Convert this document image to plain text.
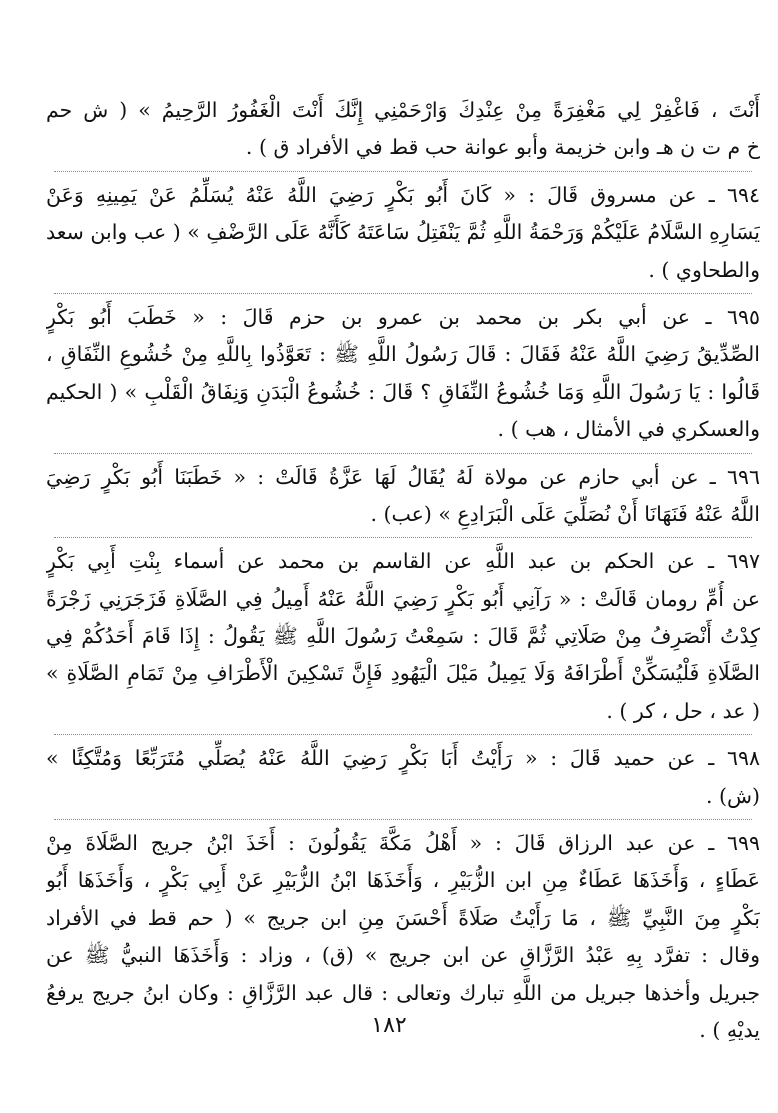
أَنْتَ ، فَاغْفِرْ لِي مَغْفِرَةً مِنْ عِنْدِكَ وَارْحَمْنِي إِنَّكَ أَنْتَ الْغَفُورُ الرَّحِيمُ » ( ش حم
خ م ت ن هـ وابن خزيمة وأبو عوانة حب قط في الأفراد ق ) .
٦٩٤ ـ عن مسروق قَالَ : « كَانَ أَبُو بَكْرٍ رَضِيَ اللَّهُ عَنْهُ يُسَلِّمُ عَنْ يَمِينِهِ وَعَنْ
يَسَارِهِ السَّلَامُ عَلَيْكُمْ وَرَحْمَةُ اللَّهِ ثُمَّ يَنْفَتِلُ سَاعَتَهُ كَأَنَّهُ عَلَى الرَّضْفِ » ( عب وابن سعد
والطحاوي ) .
٦٩٥ ـ عن أبي بكر بن محمد بن عمرو بن حزم قَالَ : « خَطَبَ أَبُو بَكْرٍ
الصِّدِّيقُ رَضِيَ اللَّهُ عَنْهُ فَقَالَ : قَالَ رَسُولُ اللَّهِ ﷺ : تَعَوَّذُوا بِاللَّهِ مِنْ خُشُوعِ النِّفَاقِ ،
قَالُوا : يَا رَسُولَ اللَّهِ وَمَا خُشُوعُ النِّفَاقِ ؟ قَالَ : خُشُوعُ الْبَدَنِ وَنِفَاقُ الْقَلْبِ » ( الحكيم
والعسكري في الأمثال ، هب ) .
٦٩٦ ـ عن أبي حازم عن مولاة لَهُ يُقَالُ لَهَا عَزَّةُ قَالَتْ : « خَطَبَنَا أَبُو بَكْرٍ رَضِيَ
اللَّهُ عَنْهُ فَنَهَانَا أَنْ نُصَلِّيَ عَلَى الْبَرَادِعِ » (عب) .
٦٩٧ ـ عن الحكم بن عبد اللَّهِ عن القاسم بن محمد عن أسماء بِنْتِ أَبِي بَكْرٍ
عن أُمِّ رومان قَالَتْ : « رَآنِي أَبُو بَكْرٍ رَضِيَ اللَّهُ عَنْهُ أَمِيلُ فِي الصَّلَاةِ فَزَجَرَنِي زَجْرَةً
كِدْتُ أَنْصَرِفُ مِنْ صَلَاتِي ثُمَّ قَالَ : سَمِعْتُ رَسُولَ اللَّهِ ﷺ يَقُولُ : إِذَا قَامَ أَحَدُكُمْ فِي
الصَّلَاةِ فَلْيُسَكِّنْ أَطْرَافَهُ وَلَا يَمِيلُ مَيْلَ الْيَهُودِ فَإِنَّ تَسْكِينَ الْأَطْرَافِ مِنْ تَمَامِ الصَّلَاةِ »
( عد ، حل ، كر ) .
٦٩٨ ـ عن حميد قَالَ : « رَأَيْتُ أَبَا بَكْرٍ رَضِيَ اللَّهُ عَنْهُ يُصَلِّي مُتَرَبِّعًا وَمُتَّكِئًا »
(ش) .
٦٩٩ ـ عن عبد الرزاق قَالَ : « أَهْلُ مَكَّةَ يَقُولُونَ : أَخَذَ ابْنُ جريج الصَّلَاةَ مِنْ
عَطَاءٍ ، وَأَخَذَهَا عَطَاءٌ مِنِ ابن الزُّبَيْرِ ، وَأَخَذَهَا ابْنُ الزُّبَيْرِ عَنْ أَبِي بَكْرٍ ، وَأَخَذَهَا أَبُو
بَكْرٍ مِنَ النَّبِيِّ ﷺ ، مَا رَأَيْتُ صَلَاةً أَحْسَنَ مِنِ ابن جريج » ( حم قط في الأفراد
وقال : تفرَّد بِهِ عَبْدُ الرَّزَّاقِ عن ابن جريج » (ق) ، وزاد : وَأَخَذَهَا النبيُّ ﷺ عن
جبريل وأخذها جبريل من اللَّهِ تبارك وتعالى : قال عبد الرَّزَّاقِ : وكان ابنُ جريج يرفعُ
يديْهِ ) .
١٨٢
